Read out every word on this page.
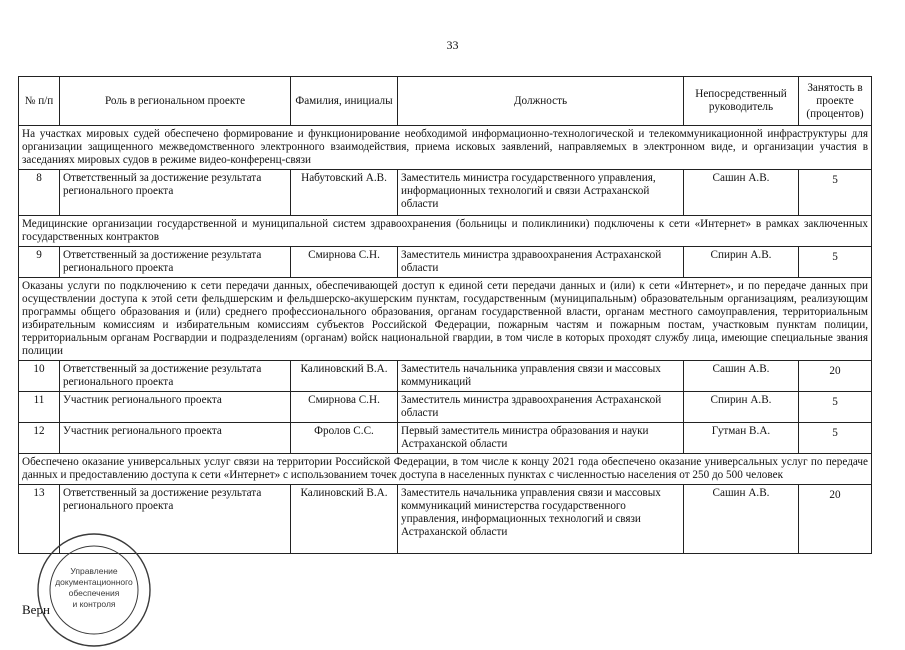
33
№ п/п	Роль в региональном проекте	Фамилия, инициалы	Должность	Непосредственный руководитель	Занятость в проекте (процентов)
На участках мировых судей обеспечено формирование и функционирование необходимой информационно-технологической и телекоммуникационной инфраструктуры для организации защищенного межведомственного электронного взаимодействия, приема исковых заявлений, направляемых в электронном виде, и организации участия в заседаниях мировых судов в режиме видео-конференц-связи					
8	Ответственный за достижение результата регионального проекта	Набутовский А.В.	Заместитель министра государственного управления, информационных технологий и связи Астраханской области	Сашин А.В.	5
Медицинские организации государственной и муниципальной систем здравоохранения (больницы и поликлиники) подключены к сети «Интернет» в рамках заключенных государственных контрактов					
9	Ответственный за достижение результата регионального проекта	Смирнова С.Н.	Заместитель министра здравоохранения Астраханской области	Спирин А.В.	5
Оказаны услуги по подключению к сети передачи данных, обеспечивающей доступ к единой сети передачи данных и (или) к сети «Интернет», и по передаче данных при осуществлении доступа к этой сети фельдшерским и фельдшерско-акушерским пунктам, государственным (муниципальным) образовательным организациям, реализующим программы общего образования и (или) среднего профессионального образования, органам государственной власти, органам местного самоуправления, территориальным избирательным комиссиям и избирательным комиссиям субъектов Российской Федерации, пожарным частям и пожарным постам, участковым пунктам полиции, территориальным органам Росгвардии и подразделениям (органам) войск национальной гвардии, в том числе в которых проходят службу лица, имеющие специальные звания полиции					
10	Ответственный за достижение результата регионального проекта	Калиновский В.А.	Заместитель начальника управления связи и массовых коммуникаций	Сашин А.В.	20
11	Участник регионального проекта	Смирнова С.Н.	Заместитель министра здравоохранения Астраханской области	Спирин А.В.	5
12	Участник регионального проекта	Фролов С.С.	Первый заместитель министра образования и науки Астраханской области	Гутман В.А.	5
Обеспечено оказание универсальных услуг связи на территории Российской Федерации, в том числе к концу 2021 года обеспечено оказание универсальных услуг по передаче данных и предоставлению доступа к сети «Интернет» с использованием точек доступа в населенных пунктах с численностью населения от 250 до 500 человек					
13	Ответственный за достижение результата регионального проекта	Калиновский В.А.	Заместитель начальника управления связи и массовых коммуникаций министерства государственного управления, информационных технологий и связи Астраханской области	Сашин А.В.	20
Верн
Управление
документационного
обеспечения
и контроля
